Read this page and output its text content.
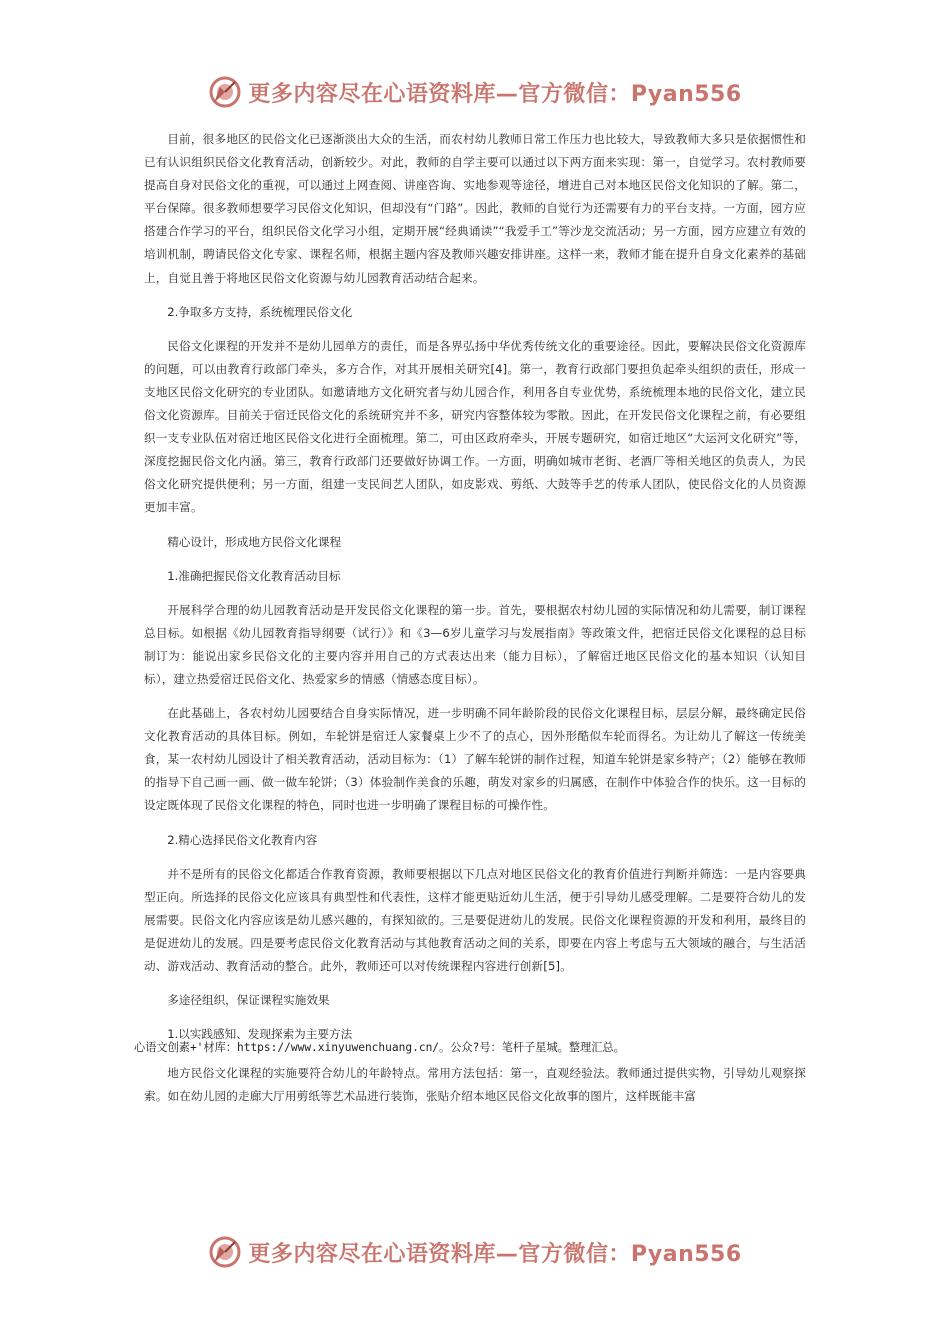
更多内容尽在心语资料库—官方微信：Pyan556

目前，很多地区的民俗文化已逐渐淡出大众的生活，而农村幼儿教师日常工作压力也比较大，导致教师大多只是依据惯性和已有认识组织民俗文化教育活动，创新较少。对此，教师的自学主要可以通过以下两方面来实现：第一，自觉学习。农村教师要提高自身对民俗文化的重视，可以通过上网查阅、讲座咨询、实地参观等途径，增进自己对本地区民俗文化知识的了解。第二，平台保障。很多教师想要学习民俗文化知识，但却没有“门路”。因此，教师的自觉行为还需要有力的平台支持。一方面，园方应搭建合作学习的平台，组织民俗文化学习小组，定期开展“经典诵读”“我爱手工”等沙龙交流活动；另一方面，园方应建立有效的培训机制，聘请民俗文化专家、课程名师，根据主题内容及教师兴趣安排讲座。这样一来，教师才能在提升自身文化素养的基础上，自觉且善于将地区民俗文化资源与幼儿园教育活动结合起来。

2.争取多方支持，系统梳理民俗文化

民俗文化课程的开发并不是幼儿园单方的责任，而是各界弘扬中华优秀传统文化的重要途径。因此，要解决民俗文化资源库的问题，可以由教育行政部门牵头，多方合作，对其开展相关研究[4]。第一，教育行政部门要担负起牵头组织的责任，形成一支地区民俗文化研究的专业团队。如邀请地方文化研究者与幼儿园合作，利用各自专业优势，系统梳理本地的民俗文化，建立民俗文化资源库。目前关于宿迁民俗文化的系统研究并不多，研究内容整体较为零散。因此，在开发民俗文化课程之前，有必要组织一支专业队伍对宿迁地区民俗文化进行全面梳理。第二，可由区政府牵头，开展专题研究，如宿迁地区“大运河文化研究”等，深度挖掘民俗文化内涵。第三，教育行政部门还要做好协调工作。一方面，明确如城市老街、老酒厂等相关地区的负责人，为民俗文化研究提供便利；另一方面，组建一支民间艺人团队，如皮影戏、剪纸、大鼓等手艺的传承人团队，使民俗文化的人员资源更加丰富。

精心设计，形成地方民俗文化课程

1.准确把握民俗文化教育活动目标

开展科学合理的幼儿园教育活动是开发民俗文化课程的第一步。首先，要根据农村幼儿园的实际情况和幼儿需要，制订课程总目标。如根据《幼儿园教育指导纲要（试行）》和《3—6岁儿童学习与发展指南》等政策文件，把宿迁民俗文化课程的总目标制订为：能说出家乡民俗文化的主要内容并用自己的方式表达出来（能力目标），了解宿迁地区民俗文化的基本知识（认知目标），建立热爱宿迁民俗文化、热爱家乡的情感（情感态度目标）。

在此基础上，各农村幼儿园要结合自身实际情况，进一步明确不同年龄阶段的民俗文化课程目标，层层分解，最终确定民俗文化教育活动的具体目标。例如，车轮饼是宿迁人家餐桌上少不了的点心，因外形酷似车轮而得名。为让幼儿了解这一传统美食，某一农村幼儿园设计了相关教育活动，活动目标为：（1）了解车轮饼的制作过程，知道车轮饼是家乡特产；（2）能够在教师的指导下自己画一画、做一做车轮饼；（3）体验制作美食的乐趣，萌发对家乡的归属感，在制作中体验合作的快乐。这一目标的设定既体现了民俗文化课程的特色，同时也进一步明确了课程目标的可操作性。

2.精心选择民俗文化教育内容

并不是所有的民俗文化都适合作教育资源，教师要根据以下几点对地区民俗文化的教育价值进行判断并筛选：一是内容要典型正向。所选择的民俗文化应该具有典型性和代表性，这样才能更贴近幼儿生活，便于引导幼儿感受理解。二是要符合幼儿的发展需要。民俗文化内容应该是幼儿感兴趣的，有探知欲的。三是要促进幼儿的发展。民俗文化课程资源的开发和利用，最终目的是促进幼儿的发展。四是要考虑民俗文化教育活动与其他教育活动之间的关系，即要在内容上考虑与五大领域的融合，与生活活动、游戏活动、教育活动的整合。此外，教师还可以对传统课程内容进行创新[5]。

多途径组织，保证课程实施效果

1.以实践感知、发现探索为主要方法

心语文创素+'材库：https://www.xinyuwenchuang.cn/。公众?号：笔杆子星城。整理汇总。

地方民俗文化课程的实施要符合幼儿的年龄特点。常用方法包括：第一，直观经验法。教师通过提供实物，引导幼儿观察探索。如在幼儿园的走廊大厅用剪纸等艺术品进行装饰，张贴介绍本地区民俗文化故事的图片，这样既能丰富

更多内容尽在心语资料库—官方微信：Pyan556
